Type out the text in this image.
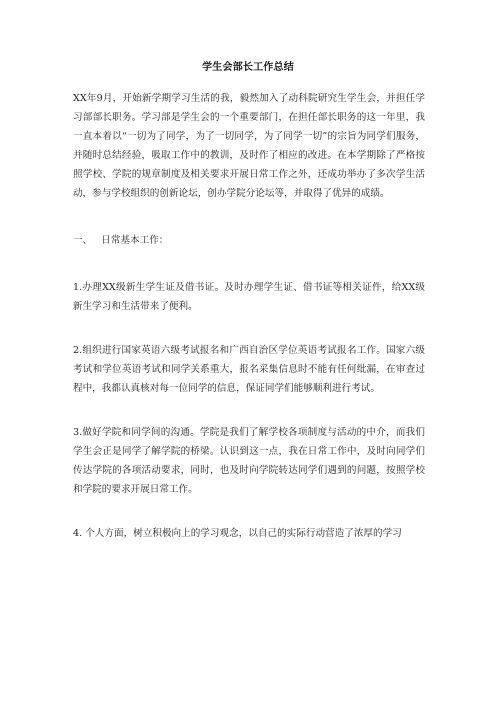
学生会部长工作总结

XX年9月，开始新学期学习生活的我，毅然加入了动科院研究生学生会，并担任学习部部长职务。学习部是学生会的一个重要部门，在担任部长职务的这一年里，我一直本着以“一切为了同学，为了一切同学，为了同学一切”的宗旨为同学们服务，并随时总结经验，吸取工作中的教训，及时作了相应的改进。在本学期除了严格按照学校、学院的规章制度及相关要求开展日常工作之外，还成功举办了多次学生活动，参与学校组织的创新论坛，创办学院分论坛等，并取得了优异的成绩。

一、 日常基本工作：

1.办理XX级新生学生证及借书证。及时办理学生证、借书证等相关证件，给XX级新生学习和生活带来了便利。

2.组织进行国家英语六级考试报名和广西自治区学位英语考试报名工作。国家六级考试和学位英语考试和同学关系重大，报名采集信息时不能有任何纰漏，在审查过程中，我都认真核对每一位同学的信息，保证同学们能够顺利进行考试。

3.做好学院和同学间的沟通。学院是我们了解学校各项制度与活动的中介，而我们学生会正是同学了解学院的桥梁。认识到这一点，我在日常工作中，及时向同学们传达学院的各项活动要求，同时，也及时向学院转达同学们遇到的问题，按照学校和学院的要求开展日常工作。

4. 个人方面，树立积极向上的学习观念，以自己的实际行动营造了浓厚的学习
